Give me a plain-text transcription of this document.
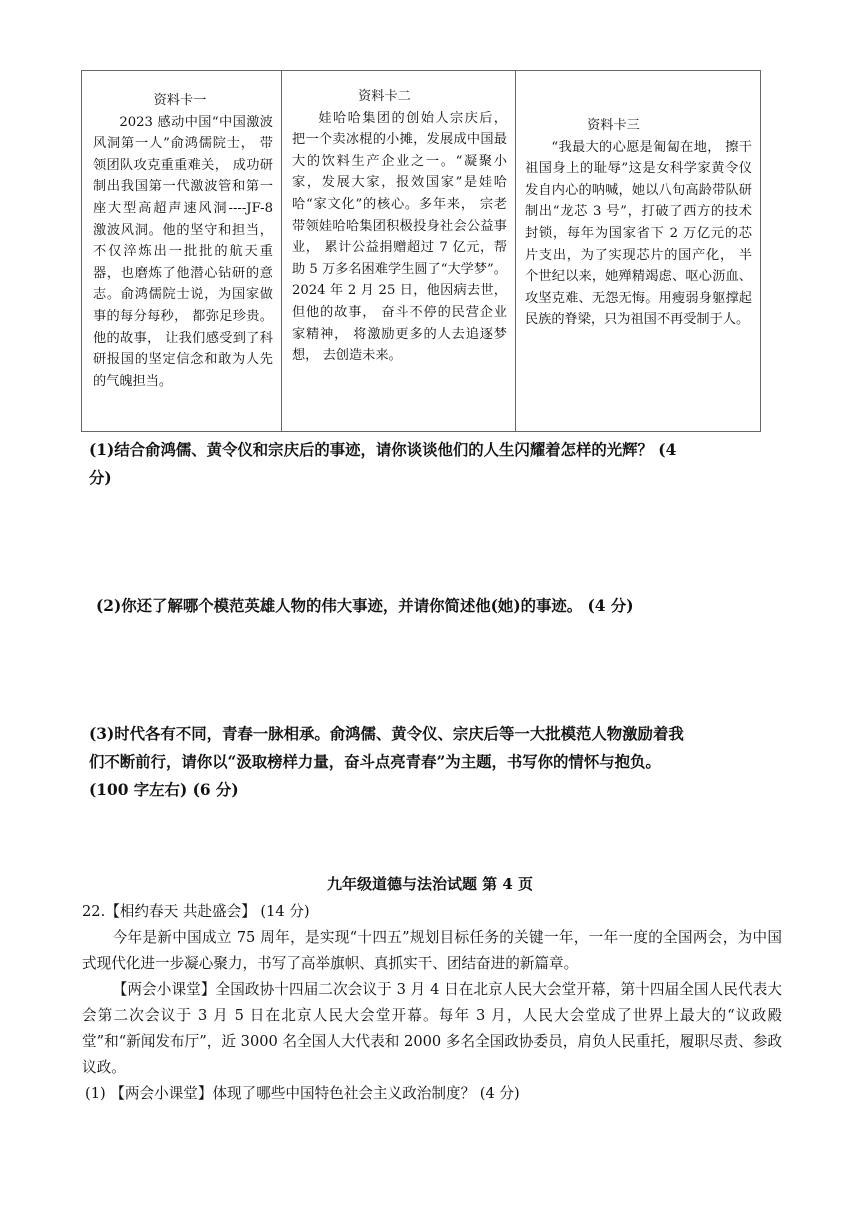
资料卡一
2023 感动中国“中国激波风洞第一人”俞鸿儒院士， 带领团队攻克重重难关， 成功研制出我国第一代激波管和第一座大型高超声速风洞----JF-8 激波风洞。他的坚守和担当， 不仅淬炼出一批批的航天重器，也磨炼了他潜心钻研的意志。俞鸿儒院士说，为国家做事的每分每秒， 都弥足珍贵。他的故事， 让我们感受到了科研报国的坚定信念和敢为人先的气魄担当。
资料卡二
娃哈哈集团的创始人宗庆后， 把一个卖冰棍的小摊，发展成中国最大的饮料生产企业之一。“凝聚小家，发展大家，报效国家”是娃哈哈“家文化”的核心。多年来， 宗老带领娃哈哈集团积极投身社会公益事业， 累计公益捐赠超过 7 亿元，帮助 5 万多名困难学生圆了“大学梦”。2024 年 2 月 25 日，他因病去世， 但他的故事， 奋斗不停的民营企业家精神， 将激励更多的人去追逐梦想， 去创造未来。
资料卡三
“我最大的心愿是匍匐在地， 擦干祖国身上的耻辱”这是女科学家黄令仪发自内心的呐喊，她以八旬高龄带队研制出“龙芯 3 号”，打破了西方的技术封锁，每年为国家省下 2 万亿元的芯片支出，为了实现芯片的国产化， 半个世纪以来，她殚精竭虑、呕心沥血、攻坚克难、无怨无悔。用瘦弱身躯撑起民族的脊梁，只为祖国不再受制于人。
(1)结合俞鸿儒、黄令仪和宗庆后的事迹，请你谈谈他们的人生闪耀着怎样的光辉？ (4 分)
(2)你还了解哪个模范英雄人物的伟大事迹，并请你简述他(她)的事迹。 (4 分)
(3)时代各有不同，青春一脉相承。俞鸿儒、黄令仪、宗庆后等一大批模范人物激励着我们不断前行，请你以“汲取榜样力量，奋斗点亮青春”为主题，书写你的情怀与抱负。(100 字左右) (6 分)
九年级道德与法治试题 第 4 页

22.【相约春天 共赴盛会】 (14 分)

今年是新中国成立 75 周年，是实现“十四五”规划目标任务的关键一年，一年一度的全国两会，为中国式现代化进一步凝心聚力，书写了高举旗帜、真抓实干、团结奋进的新篇章。

【两会小课堂】全国政协十四届二次会议于 3 月 4 日在北京人民大会堂开幕，第十四届全国人民代表大会第二次会议于 3 月 5 日在北京人民大会堂开幕。每年 3 月，人民大会堂成了世界上最大的“议政殿堂”和“新闻发布厅”，近 3000 名全国人大代表和 2000 多名全国政协委员，肩负人民重托，履职尽责、参政议政。

(1) 【两会小课堂】体现了哪些中国特色社会主义政治制度？ (4 分)
